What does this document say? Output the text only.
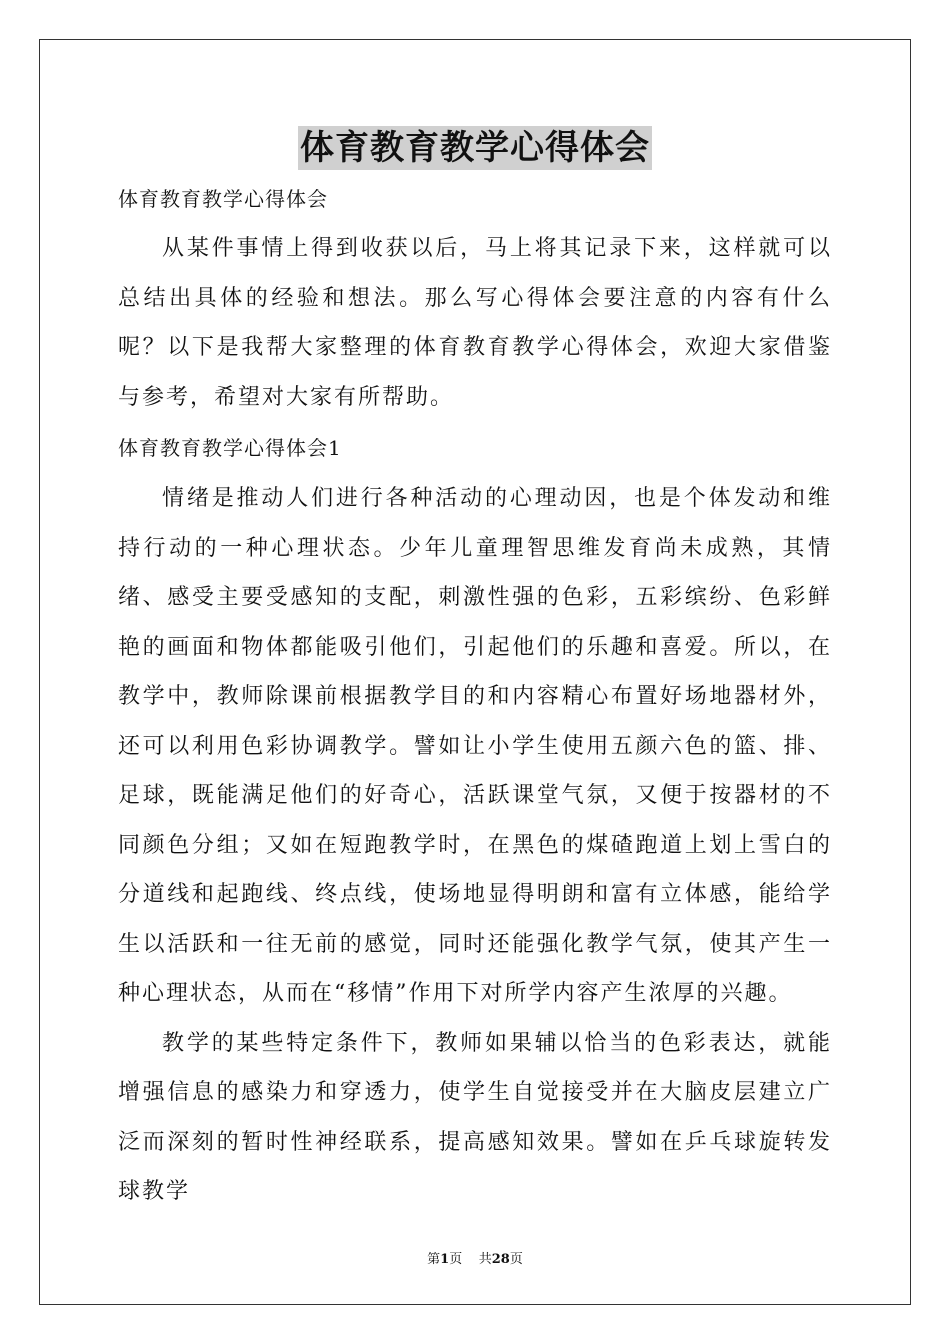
体育教育教学心得体会
体育教育教学心得体会

从某件事情上得到收获以后，马上将其记录下来，这样就可以总结出具体的经验和想法。那么写心得体会要注意的内容有什么呢？以下是我帮大家整理的体育教育教学心得体会，欢迎大家借鉴与参考，希望对大家有所帮助。

体育教育教学心得体会1

情绪是推动人们进行各种活动的心理动因，也是个体发动和维持行动的一种心理状态。少年儿童理智思维发育尚未成熟，其情绪、感受主要受感知的支配，刺激性强的色彩，五彩缤纷、色彩鲜艳的画面和物体都能吸引他们，引起他们的乐趣和喜爱。所以，在教学中，教师除课前根据教学目的和内容精心布置好场地器材外，还可以利用色彩协调教学。譬如让小学生使用五颜六色的篮、排、足球，既能满足他们的好奇心，活跃课堂气氛，又便于按器材的不同颜色分组；又如在短跑教学时，在黑色的煤碴跑道上划上雪白的分道线和起跑线、终点线，使场地显得明朗和富有立体感，能给学生以活跃和一往无前的感觉，同时还能强化教学气氛，使其产生一种心理状态，从而在“移情”作用下对所学内容产生浓厚的兴趣。

教学的某些特定条件下，教师如果辅以恰当的色彩表达，就能增强信息的感染力和穿透力，使学生自觉接受并在大脑皮层建立广泛而深刻的暂时性神经联系，提高感知效果。譬如在乒乓球旋转发球教学

第1页 共28页
